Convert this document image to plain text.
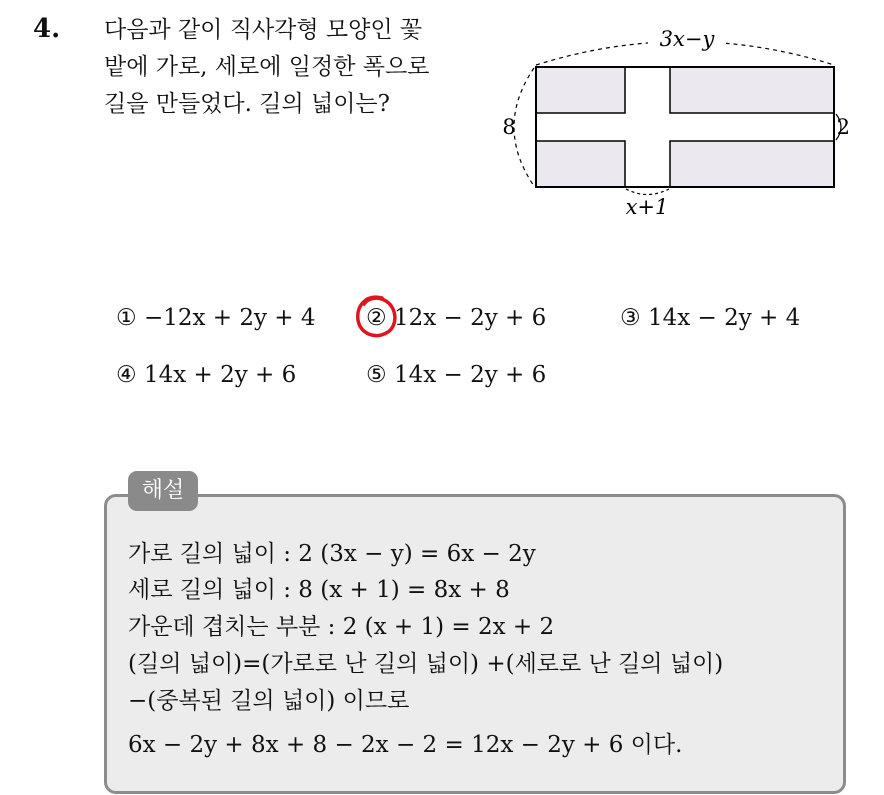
4. 다음과 같이 직사각형 모양인 꽃
밭에 가로, 세로에 일정한 폭으로
길을 만들었다. 길의 넓이는?
3x−y
8	2
x+1
① −12x + 2y + 4 ② 12x − 2y + 6	③ 14x − 2y + 4
④ 14x + 2y + 6	⑤ 14x − 2y + 6
해설
가로 길의 넓이 : 2 (3x − y) = 6x − 2y
세로 길의 넓이 : 8 (x + 1) = 8x + 8
가운데 겹치는 부분 : 2 (x + 1) = 2x + 2
(길의 넓이)=(가로로 난 길의 넓이) +(세로로 난 길의 넓이)
−(중복된 길의 넓이) 이므로
6x − 2y + 8x + 8 − 2x − 2 = 12x − 2y + 6 이다.
